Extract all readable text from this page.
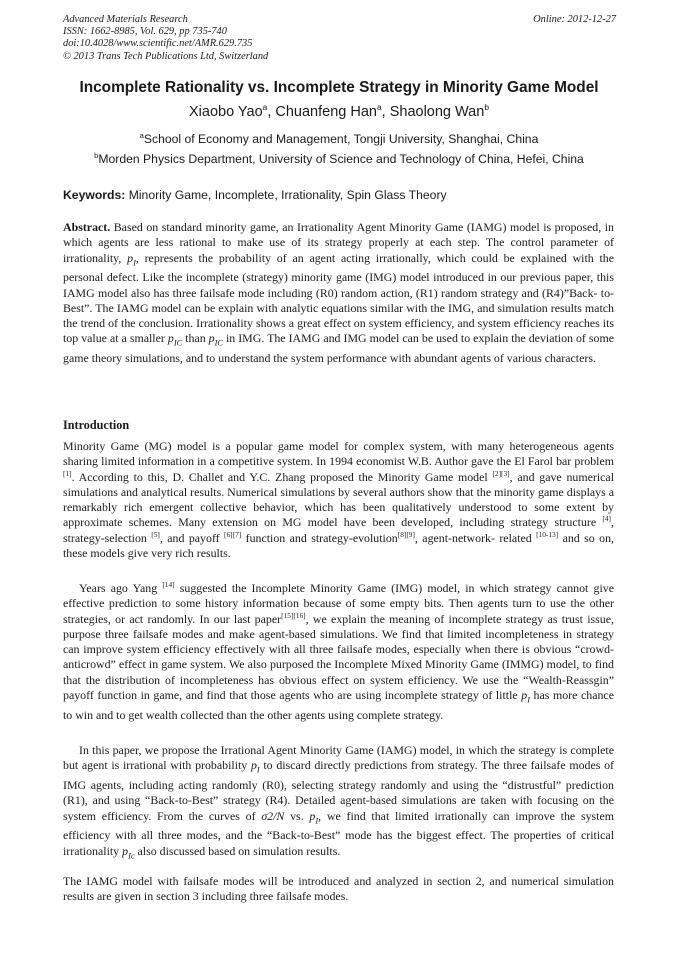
Advanced Materials Research
ISSN: 1662-8985, Vol. 629, pp 735-740
doi:10.4028/www.scientific.net/AMR.629.735
© 2013 Trans Tech Publications Ltd, Switzerland
Online: 2012-12-27
Incomplete Rationality vs. Incomplete Strategy in Minority Game Model
Xiaobo Yao$^a$, Chuanfeng Han$^a$, Shaolong Wan$^b$
$^a$School of Economy and Management, Tongji University, Shanghai, China
$^b$Morden Physics Department, University of Science and Technology of China, Hefei, China
Keywords: Minority Game, Incomplete, Irrationality, Spin Glass Theory
Abstract. Based on standard minority game, an Irrationality Agent Minority Game (IAMG) model is proposed, in which agents are less rational to make use of its strategy properly at each step. The control parameter of irrationality, $p_I$, represents the probability of an agent acting irrationally, which could be explained with the personal defect. Like the incomplete (strategy) minority game (IMG) model introduced in our previous paper, this IAMG model also has three failsafe mode including (R0) random action, (R1) random strategy and (R4)”Back- to-Best”. The IAMG model can be explain with analytic equations similar with the IMG, and simulation results match the trend of the conclusion. Irrationality shows a great effect on system efficiency, and system efficiency reaches its top value at a smaller $p_{IC}$ than $p_{IC}$ in IMG. The IAMG and IMG model can be used to explain the deviation of some game theory simulations, and to understand the system performance with abundant agents of various characters.
Introduction
Minority Game (MG) model is a popular game model for complex system, with many heterogeneous agents sharing limited information in a competitive system. In 1994 economist W.B. Author gave the El Farol bar problem [1]. According to this, D. Challet and Y.C. Zhang proposed the Minority Game model [2][3], and gave numerical simulations and analytical results. Numerical simulations by several authors show that the minority game displays a remarkably rich emergent collective behavior, which has been qualitatively understood to some extent by approximate schemes. Many extension on MG model have been developed, including strategy structure [4], strategy-selection [5], and payoff [6][7] function and strategy-evolution[8][9], agent-network- related [10-13] and so on, these models give very rich results.
Years ago Yang [14] suggested the Incomplete Minority Game (IMG) model, in which strategy cannot give effective prediction to some history information because of some empty bits. Then agents turn to use the other strategies, or act randomly. In our last paper[15][16], we explain the meaning of incomplete strategy as trust issue, purpose three failsafe modes and make agent-based simulations. We find that limited incompleteness in strategy can improve system efficiency effectively with all three failsafe modes, especially when there is obvious “crowd-anticrowd” effect in game system. We also purposed the Incomplete Mixed Minority Game (IMMG) model, to find that the distribution of incompleteness has obvious effect on system efficiency. We use the “Wealth-Reassgin” payoff function in game, and find that those agents who are using incomplete strategy of little $p_I$ has more chance to win and to get wealth collected than the other agents using complete strategy.
In this paper, we propose the Irrational Agent Minority Game (IAMG) model, in which the strategy is complete but agent is irrational with probability $p_I$ to discard directly predictions from strategy. The three failsafe modes of IMG agents, including acting randomly (R0), selecting strategy randomly and using the “distrustful” prediction (R1), and using “Back-to-Best” strategy (R4). Detailed agent-based simulations are taken with focusing on the system efficiency. From the curves of σ2/N vs. $p_I$, we find that limited irrationally can improve the system efficiency with all three modes, and the “Back-to-Best” mode has the biggest effect. The properties of critical irrationality $p_{Ic}$ also discussed based on simulation results.
The IAMG model with failsafe modes will be introduced and analyzed in section 2, and numerical simulation results are given in section 3 including three failsafe modes.
